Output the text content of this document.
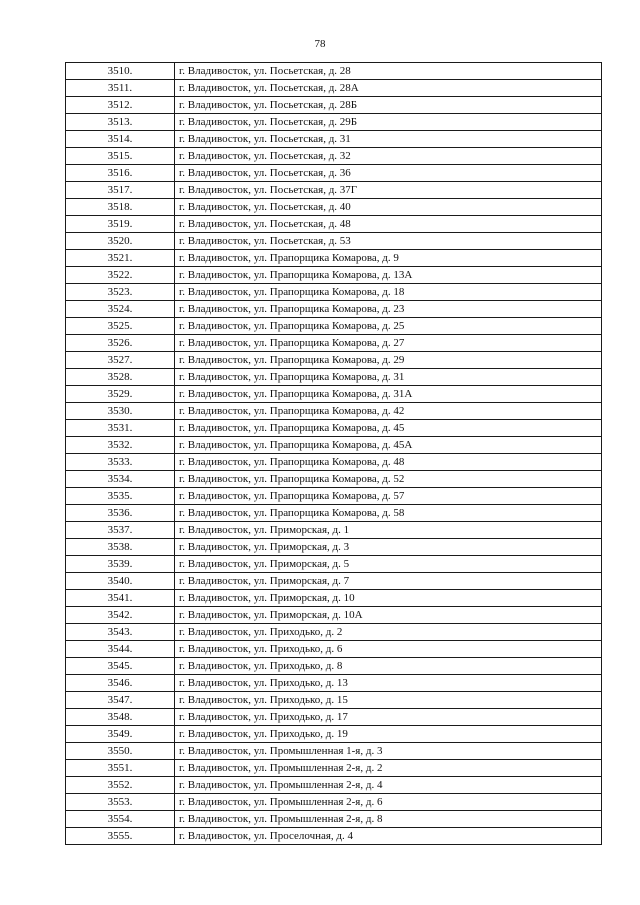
78
3510.	г. Владивосток, ул. Посьетская, д. 28
3511.	г. Владивосток, ул. Посьетская, д. 28А
3512.	г. Владивосток, ул. Посьетская, д. 28Б
3513.	г. Владивосток, ул. Посьетская, д. 29Б
3514.	г. Владивосток, ул. Посьетская, д. 31
3515.	г. Владивосток, ул. Посьетская, д. 32
3516.	г. Владивосток, ул. Посьетская, д. 36
3517.	г. Владивосток, ул. Посьетская, д. 37Г
3518.	г. Владивосток, ул. Посьетская, д. 40
3519.	г. Владивосток, ул. Посьетская, д. 48
3520.	г. Владивосток, ул. Посьетская, д. 53
3521.	г. Владивосток, ул. Прапорщика Комарова, д. 9
3522.	г. Владивосток, ул. Прапорщика Комарова, д. 13А
3523.	г. Владивосток, ул. Прапорщика Комарова, д. 18
3524.	г. Владивосток, ул. Прапорщика Комарова, д. 23
3525.	г. Владивосток, ул. Прапорщика Комарова, д. 25
3526.	г. Владивосток, ул. Прапорщика Комарова, д. 27
3527.	г. Владивосток, ул. Прапорщика Комарова, д. 29
3528.	г. Владивосток, ул. Прапорщика Комарова, д. 31
3529.	г. Владивосток, ул. Прапорщика Комарова, д. 31А
3530.	г. Владивосток, ул. Прапорщика Комарова, д. 42
3531.	г. Владивосток, ул. Прапорщика Комарова, д. 45
3532.	г. Владивосток, ул. Прапорщика Комарова, д. 45А
3533.	г. Владивосток, ул. Прапорщика Комарова, д. 48
3534.	г. Владивосток, ул. Прапорщика Комарова, д. 52
3535.	г. Владивосток, ул. Прапорщика Комарова, д. 57
3536.	г. Владивосток, ул. Прапорщика Комарова, д. 58
3537.	г. Владивосток, ул. Приморская, д. 1
3538.	г. Владивосток, ул. Приморская, д. 3
3539.	г. Владивосток, ул. Приморская, д. 5
3540.	г. Владивосток, ул. Приморская, д. 7
3541.	г. Владивосток, ул. Приморская, д. 10
3542.	г. Владивосток, ул. Приморская, д. 10А
3543.	г. Владивосток, ул. Приходько, д. 2
3544.	г. Владивосток, ул. Приходько, д. 6
3545.	г. Владивосток, ул. Приходько, д. 8
3546.	г. Владивосток, ул. Приходько, д. 13
3547.	г. Владивосток, ул. Приходько, д. 15
3548.	г. Владивосток, ул. Приходько, д. 17
3549.	г. Владивосток, ул. Приходько, д. 19
3550.	г. Владивосток, ул. Промышленная 1-я, д. 3
3551.	г. Владивосток, ул. Промышленная 2-я, д. 2
3552.	г. Владивосток, ул. Промышленная 2-я, д. 4
3553.	г. Владивосток, ул. Промышленная 2-я, д. 6
3554.	г. Владивосток, ул. Промышленная 2-я, д. 8
3555.	г. Владивосток, ул. Проселочная, д. 4
